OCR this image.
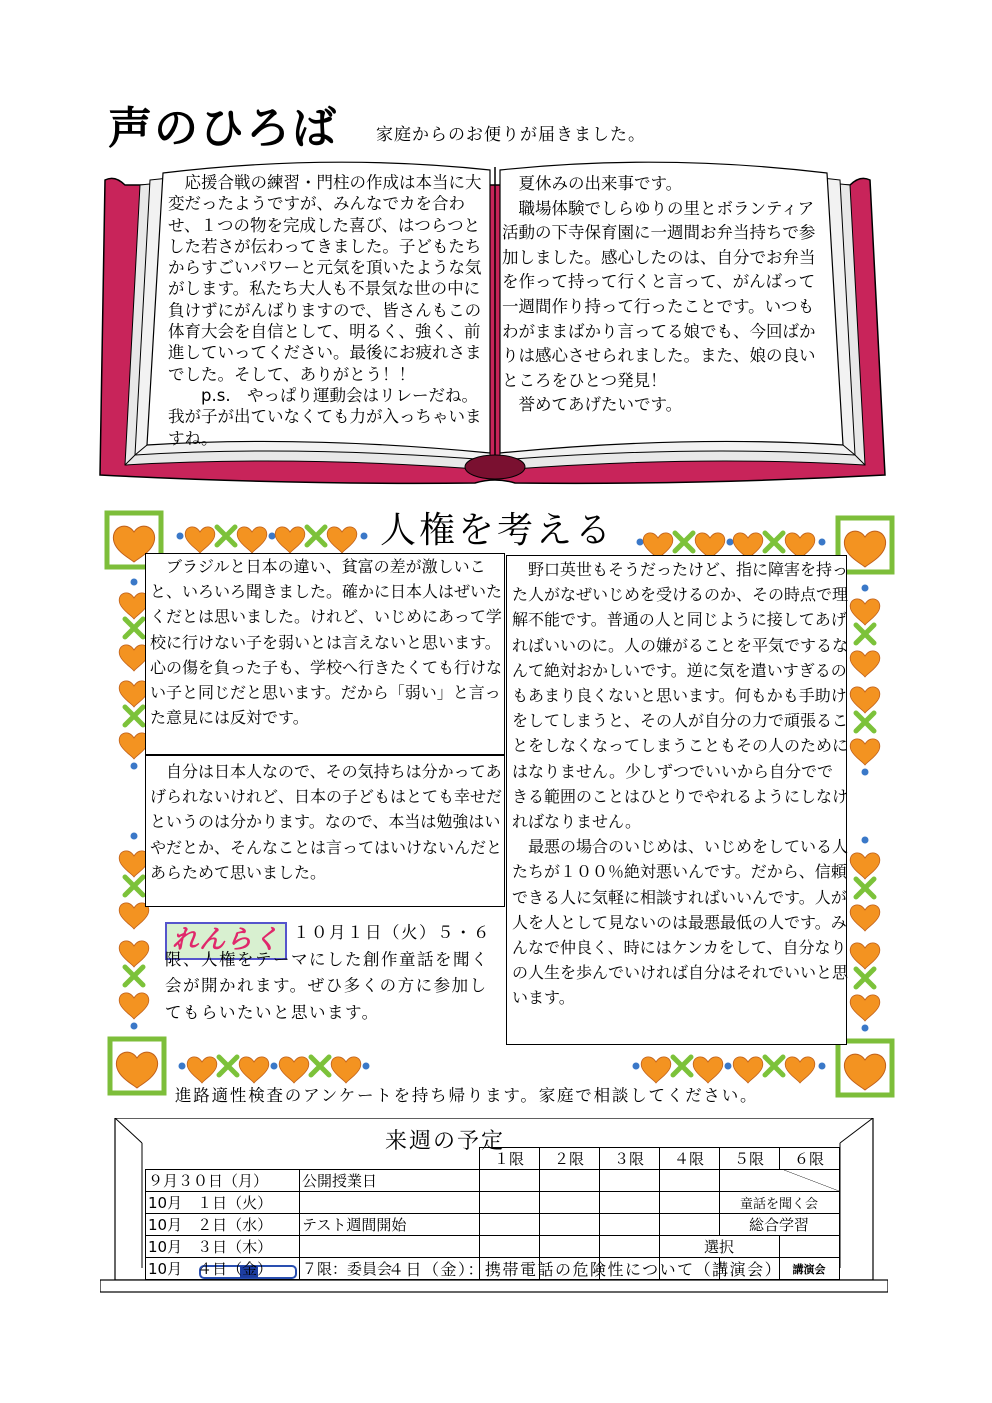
声のひろば 家庭からのお便りが届きました。
　応援合戦の練習・門柱の作成は本当に大変だったようですが、みんなでカを合わせ、１つの物を完成した喜び、はつらつとした若さが伝わってきました。子どもたちからすごいパワーと元気を頂いたような気がします。私たち大人も不景気な世の中に負けずにがんばりますので、皆さんもこの体育大会を自信として、明るく、強く、前進していってください。最後にお疲れさまでした。そして、ありがとう！！
　　p.s.　やっぱり運動会はリレーだね。我が子が出ていなくても力が入っちゃいますね。
　夏休みの出来事です。
　職場体験でしらゆりの里とボランティア活動の下寺保育園に一週間お弁当持ちで参加しました。感心したのは、自分でお弁当を作って持って行くと言って、がんばって一週間作り持って行ったことです。いつもわがままばかり言ってる娘でも、今回ばかりは感心させられました。また、娘の良いところをひとつ発見！
　誉めてあげたいです。
人権を考える
　ブラジルと日本の違い、貧富の差が激しいこと、いろいろ聞きました。確かに日本人はぜいたくだとは思いました。けれど、いじめにあって学校に行けない子を弱いとは言えないと思います。心の傷を負った子も、学校へ行きたくても行けない子と同じだと思います。だから「弱い」と言った意見には反対です。
　自分は日本人なので、その気持ちは分かってあげられないけれど、日本の子どもはとても幸せだというのは分かります。なので、本当は勉強はいやだとか、そんなことは言ってはいけないんだとあらためて思いました。
　野口英世もそうだったけど、指に障害を持った人がなぜいじめを受けるのか、その時点で理解不能です。普通の人と同じように接してあげればいいのに。人の嫌がることを平気でするなんて絶対おかしいです。逆に気を遣いすぎるのもあまり良くないと思います。何もかも手助けをしてしまうと、その人が自分の力で頑張ることをしなくなってしまうこともその人のためにはなりません。少しずつでいいから自分でできる範囲のことはひとりでやれるようにしなければなりません。
　最悪の場合のいじめは、いじめをしている人たちが１００％絶対悪いんです。だから、信頼できる人に気軽に相談すればいいんです。人が人を人として見ないのは最悪最低の人です。みんなで仲良く、時にはケンカをして、自分なりの人生を歩んでいければ自分はそれでいいと思います。
れんらく １０月１日（火）５・６限、人権をテーマにした創作童話を聞く会が開かれます。ぜひ多くの方に参加してもらいたいと思います。
進路適性検査のアンケートを持ち帰ります。家庭で相談してください。
来週の予定
		１限	２限	３限	４限	５限	６限
９月３０日（月）	公開授業日						
10月　１日（火）						童話を聞く会	
10月　２日（水）	テスト週間開始					総合学習	
10月　３日（木）					選択		
10月　４日（金）	７限：委員会						講演会
４日（金）：携帯電話の危険性について（講演会）
